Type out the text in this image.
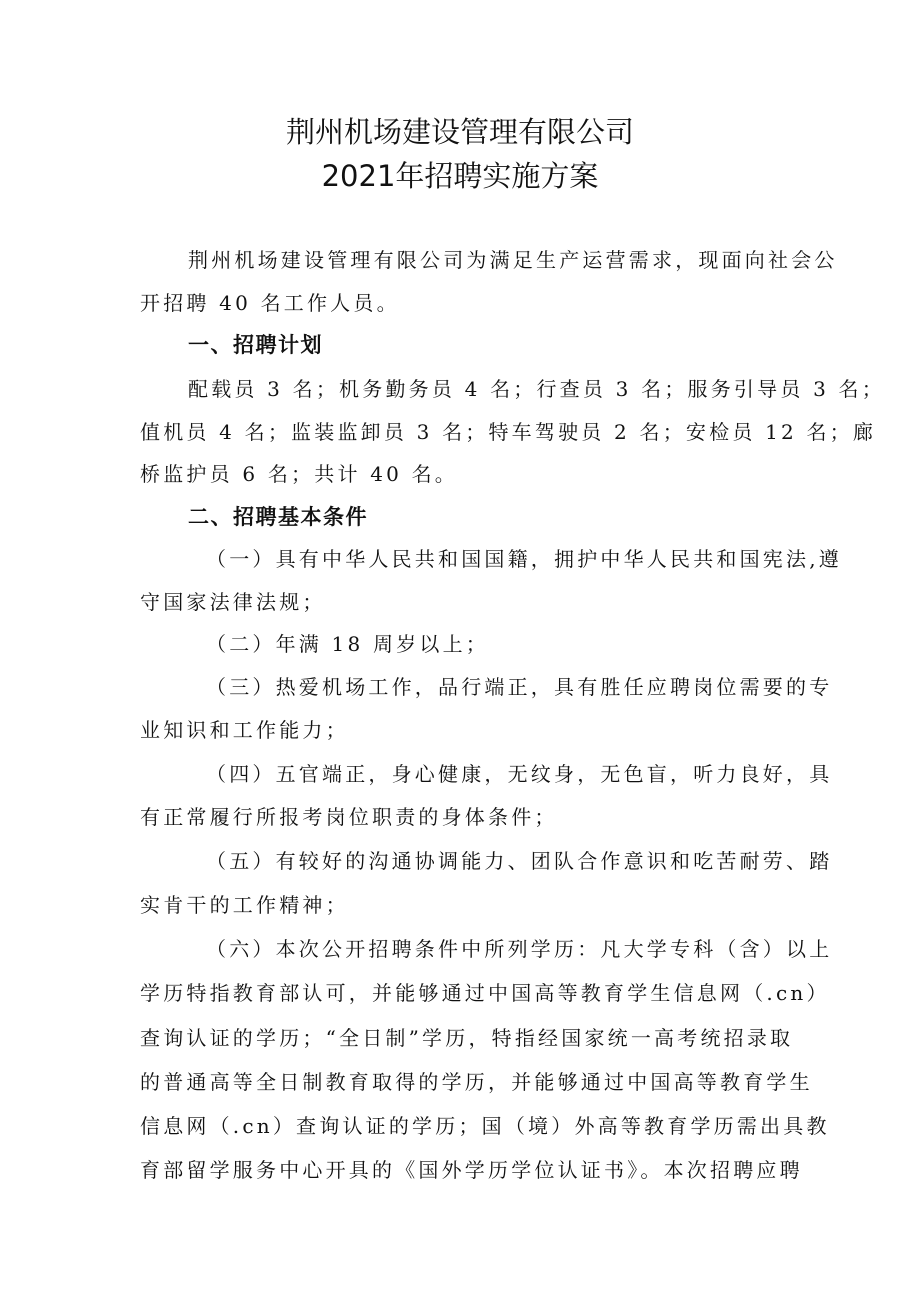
荆州机场建设管理有限公司
2021年招聘实施方案

荆州机场建设管理有限公司为满足生产运营需求，现面向社会公

开招聘 40 名工作人员。

一、招聘计划

配载员 3 名；机务勤务员 4 名；行查员 3 名；服务引导员 3 名；

值机员 4 名；监装监卸员 3 名；特车驾驶员 2 名；安检员 12 名；廊

桥监护员 6 名；共计 40 名。

二、招聘基本条件

（一）具有中华人民共和国国籍，拥护中华人民共和国宪法,遵

守国家法律法规；

（二）年满 18 周岁以上；

（三）热爱机场工作，品行端正，具有胜任应聘岗位需要的专

业知识和工作能力；

（四）五官端正，身心健康，无纹身，无色盲，听力良好，具

有正常履行所报考岗位职责的身体条件；

（五）有较好的沟通协调能力、团队合作意识和吃苦耐劳、踏

实肯干的工作精神；

（六）本次公开招聘条件中所列学历：凡大学专科（含）以上

学历特指教育部认可，并能够通过中国高等教育学生信息网（.cn）

查询认证的学历；“全日制”学历，特指经国家统一高考统招录取

的普通高等全日制教育取得的学历，并能够通过中国高等教育学生

信息网（.cn）查询认证的学历；国（境）外高等教育学历需出具教

育部留学服务中心开具的《国外学历学位认证书》。本次招聘应聘
